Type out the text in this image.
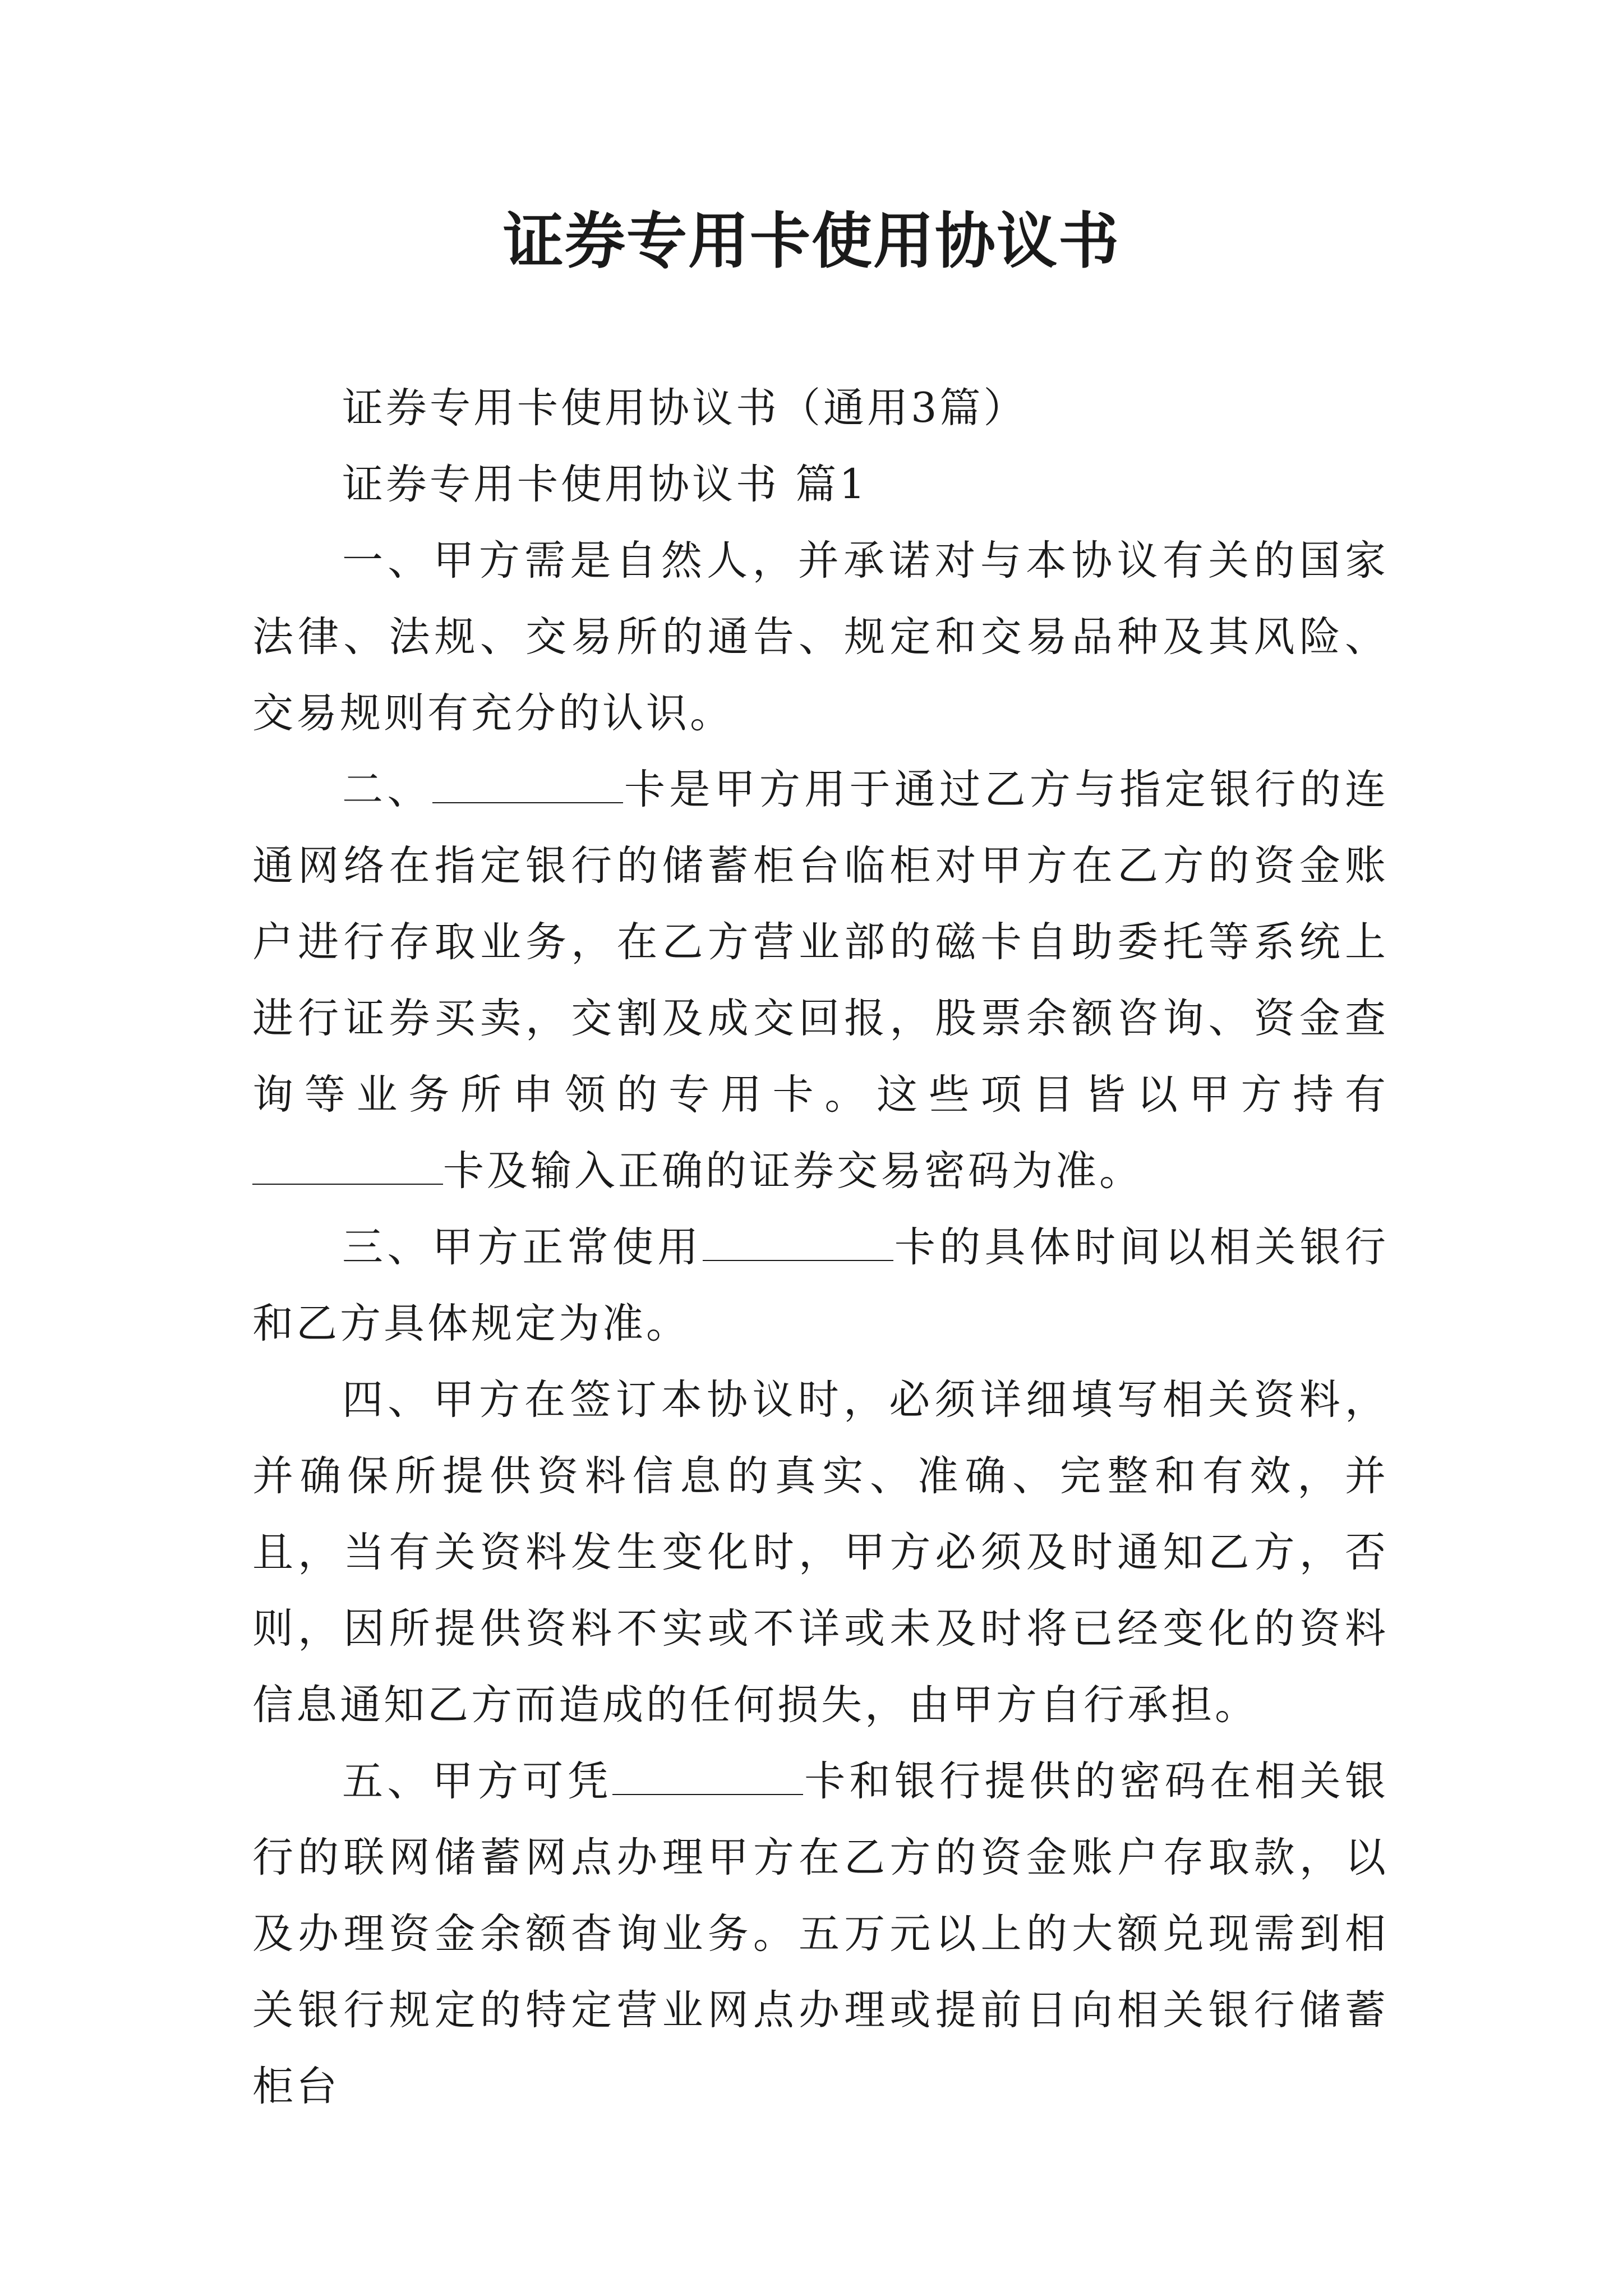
证券专用卡使用协议书

证券专用卡使用协议书（通用3篇）

证券专用卡使用协议书 篇1

一、甲方需是自然人，并承诺对与本协议有关的国家法律、法规、交易所的通告、规定和交易品种及其风险、交易规则有充分的认识。

二、	卡是甲方用于通过乙方与指定银行的连通网络在指定银行的储蓄柜台临柜对甲方在乙方的资金账户进行存取业务，在乙方营业部的磁卡自助委托等系统上进行证券买卖，交割及成交回报，股票余额咨询、资金查询等业务所申领的专用卡。这些项目皆以甲方持有卡及输入正确的证券交易密码为准。

三、甲方正常使用	卡的具体时间以相关银行和乙方具体规定为准。

四、甲方在签订本协议时，必须详细填写相关资料，并确保所提供资料信息的真实、准确、完整和有效，并且，当有关资料发生变化时，甲方必须及时通知乙方，否则，因所提供资料不实或不详或未及时将已经变化的资料信息通知乙方而造成的任何损失，由甲方自行承担。

五、甲方可凭	卡和银行提供的密码在相关银行的联网储蓄网点办理甲方在乙方的资金账户存取款，以及办理资金余额杳询业务。五万元以上的大额兑现需到相关银行规定的特定营业网点办理或提前日向相关银行储蓄柜台
